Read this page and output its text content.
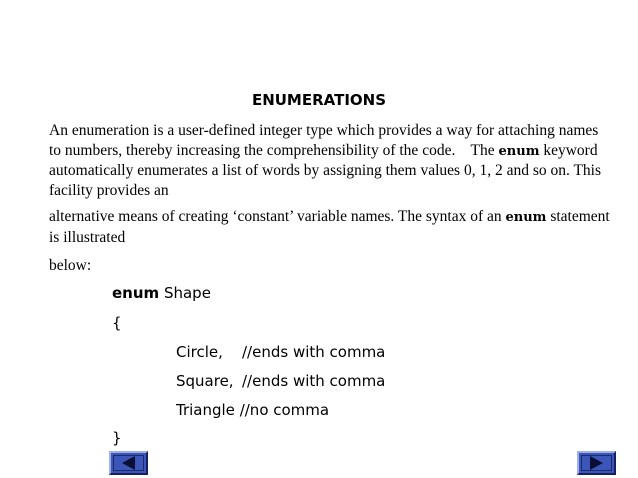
ENUMERATIONS

An enumeration is a user-defined integer type which provides a way for attaching names to numbers, thereby increasing the comprehensibility of the code.    The enum keyword automatically enumerates a list of words by assigning them values 0, 1, 2 and so on. This facility provides an

alternative means of creating ‘constant’ variable names. The syntax of an enum statement is illustrated

below:

enum Shape
{
Circle, //ends with comma
Square, //ends with comma
Triangle //no comma
}
